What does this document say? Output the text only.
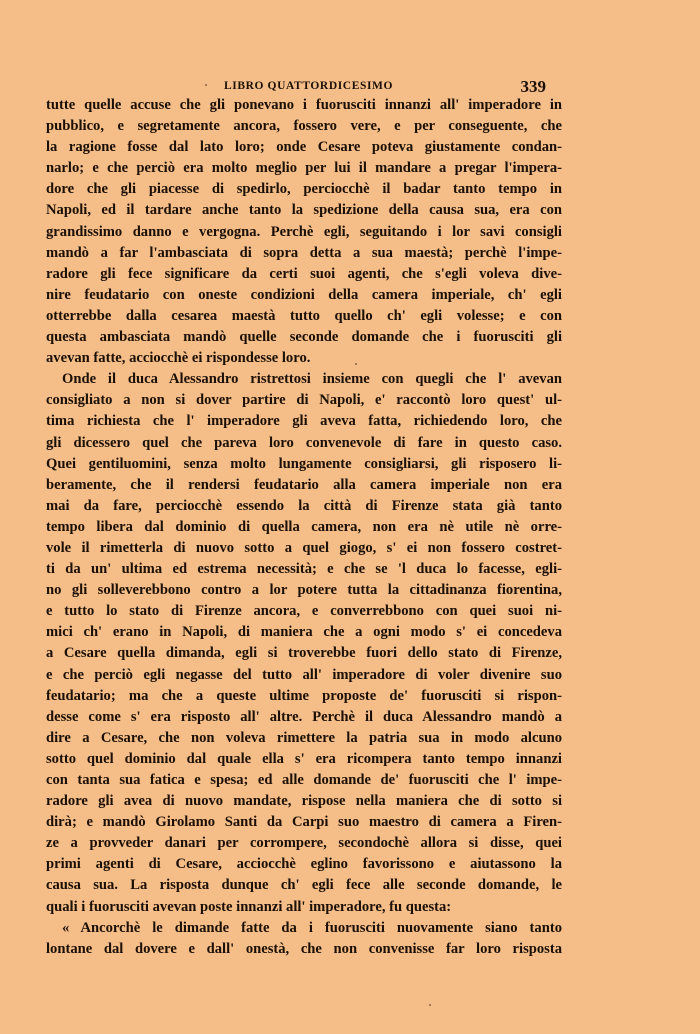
LIBRO QUATTORDICESIMO	339
tutte quelle accuse che gli ponevano i fuorusciti innanzi all' imperadore in
pubblico, e segretamente ancora, fossero vere, e per conseguente, che
la ragione fosse dal lato loro; onde Cesare poteva giustamente condan-
narlo; e che perciò era molto meglio per lui il mandare a pregar l'impera-
dore che gli piacesse di spedirlo, perciocchè il badar tanto tempo in
Napoli, ed il tardare anche tanto la spedizione della causa sua, era con
grandissimo danno e vergogna. Perchè egli, seguitando i lor savi consigli
mandò a far l'ambasciata di sopra detta a sua maestà; perchè l'impe-
radore gli fece significare da certi suoi agenti, che s'egli voleva dive-
nire feudatario con oneste condizioni della camera imperiale, ch' egli
otterrebbe dalla cesarea maestà tutto quello ch' egli volesse; e con
questa ambasciata mandò quelle seconde domande che i fuorusciti gli
avevan fatte, acciocchè ei rispondesse loro.
Onde il duca Alessandro ristrettosi insieme con quegli che l' avevan
consigliato a non si dover partire di Napoli, e' raccontò loro quest' ul-
tima richiesta che l' imperadore gli aveva fatta, richiedendo loro, che
gli dicessero quel che pareva loro convenevole di fare in questo caso.
Quei gentiluomini, senza molto lungamente consigliarsi, gli risposero li-
beramente, che il rendersi feudatario alla camera imperiale non era
mai da fare, perciocchè essendo la città di Firenze stata già tanto
tempo libera dal dominio di quella camera, non era nè utile nè orre-
vole il rimetterla di nuovo sotto a quel giogo, s' ei non fossero costret-
ti da un' ultima ed estrema necessità; e che se 'l duca lo facesse, egli-
no gli solleverebbono contro a lor potere tutta la cittadinanza fiorentina,
e tutto lo stato di Firenze ancora, e converrebbono con quei suoi ni-
mici ch' erano in Napoli, di maniera che a ogni modo s' ei concedeva
a Cesare quella dimanda, egli si troverebbe fuori dello stato di Firenze,
e che perciò egli negasse del tutto all' imperadore di voler divenire suo
feudatario; ma che a queste ultime proposte de' fuorusciti si rispon-
desse come s' era risposto all' altre. Perchè il duca Alessandro mandò a
dire a Cesare, che non voleva rimettere la patria sua in modo alcuno
sotto quel dominio dal quale ella s' era ricompera tanto tempo innanzi
con tanta sua fatica e spesa; ed alle domande de' fuorusciti che l' impe-
radore gli avea di nuovo mandate, rispose nella maniera che di sotto si
dirà; e mandò Girolamo Santi da Carpi suo maestro di camera a Firen-
ze a provveder danari per corrompere, secondochè allora si disse, quei
primi agenti di Cesare, acciocchè eglino favorissono e aiutassono la
causa sua. La risposta dunque ch' egli fece alle seconde domande, le
quali i fuorusciti avevan poste innanzi all' imperadore, fu questa:
« Ancorchè le dimande fatte da i fuorusciti nuovamente siano tanto
lontane dal dovere e dall' onestà, che non convenisse far loro risposta
